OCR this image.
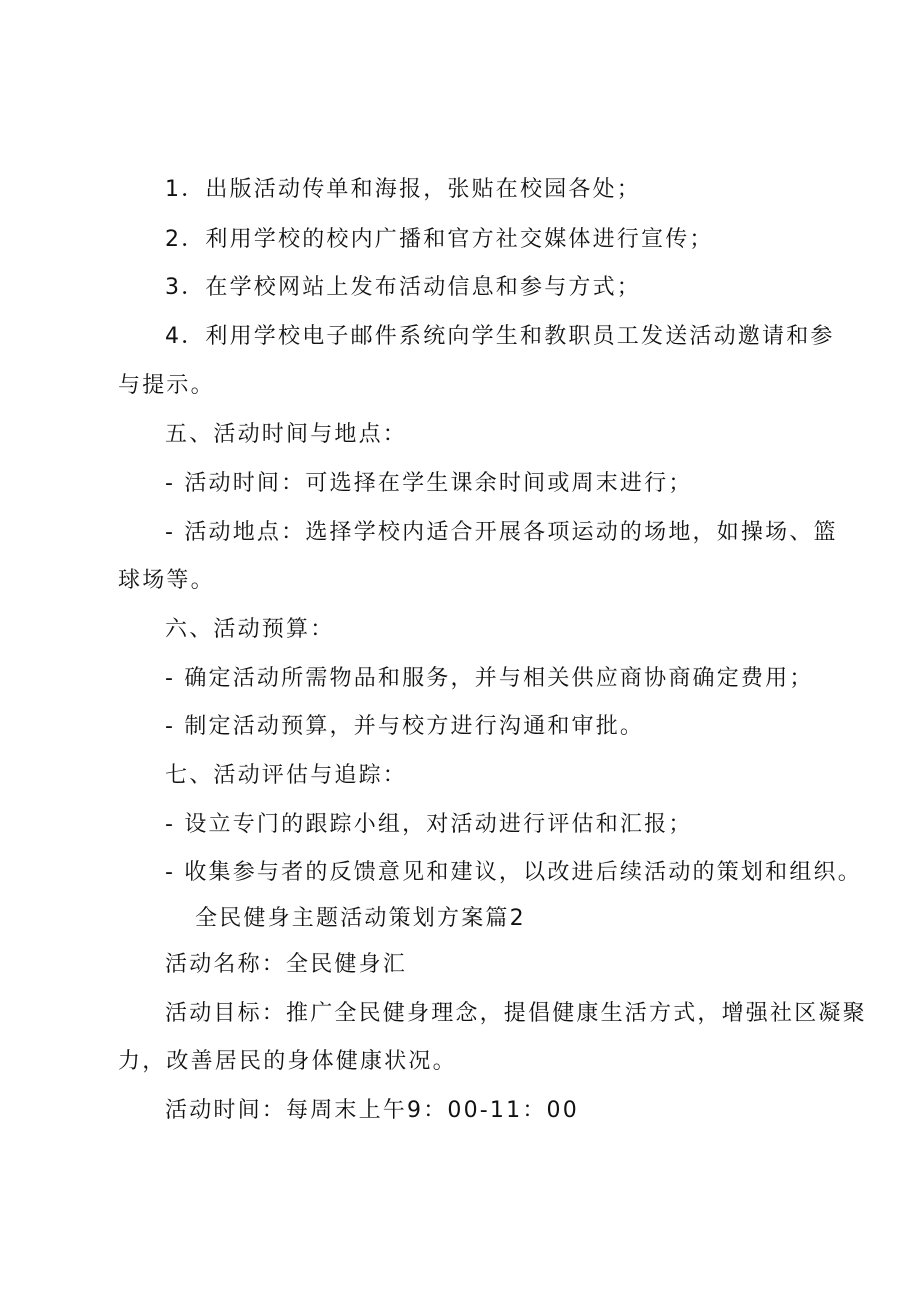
1．出版活动传单和海报，张贴在校园各处；
2．利用学校的校内广播和官方社交媒体进行宣传；
3．在学校网站上发布活动信息和参与方式；
4．利用学校电子邮件系统向学生和教职员工发送活动邀请和参
与提示。
五、活动时间与地点：
- 活动时间：可选择在学生课余时间或周末进行；
- 活动地点：选择学校内适合开展各项运动的场地，如操场、篮
球场等。
六、活动预算：
- 确定活动所需物品和服务，并与相关供应商协商确定费用；
- 制定活动预算，并与校方进行沟通和审批。
七、活动评估与追踪：
- 设立专门的跟踪小组，对活动进行评估和汇报；
- 收集参与者的反馈意见和建议，以改进后续活动的策划和组织。
全民健身主题活动策划方案篇2
活动名称：全民健身汇
活动目标：推广全民健身理念，提倡健康生活方式，增强社区凝聚
力，改善居民的身体健康状况。
活动时间：每周末上午9：00-11：00
